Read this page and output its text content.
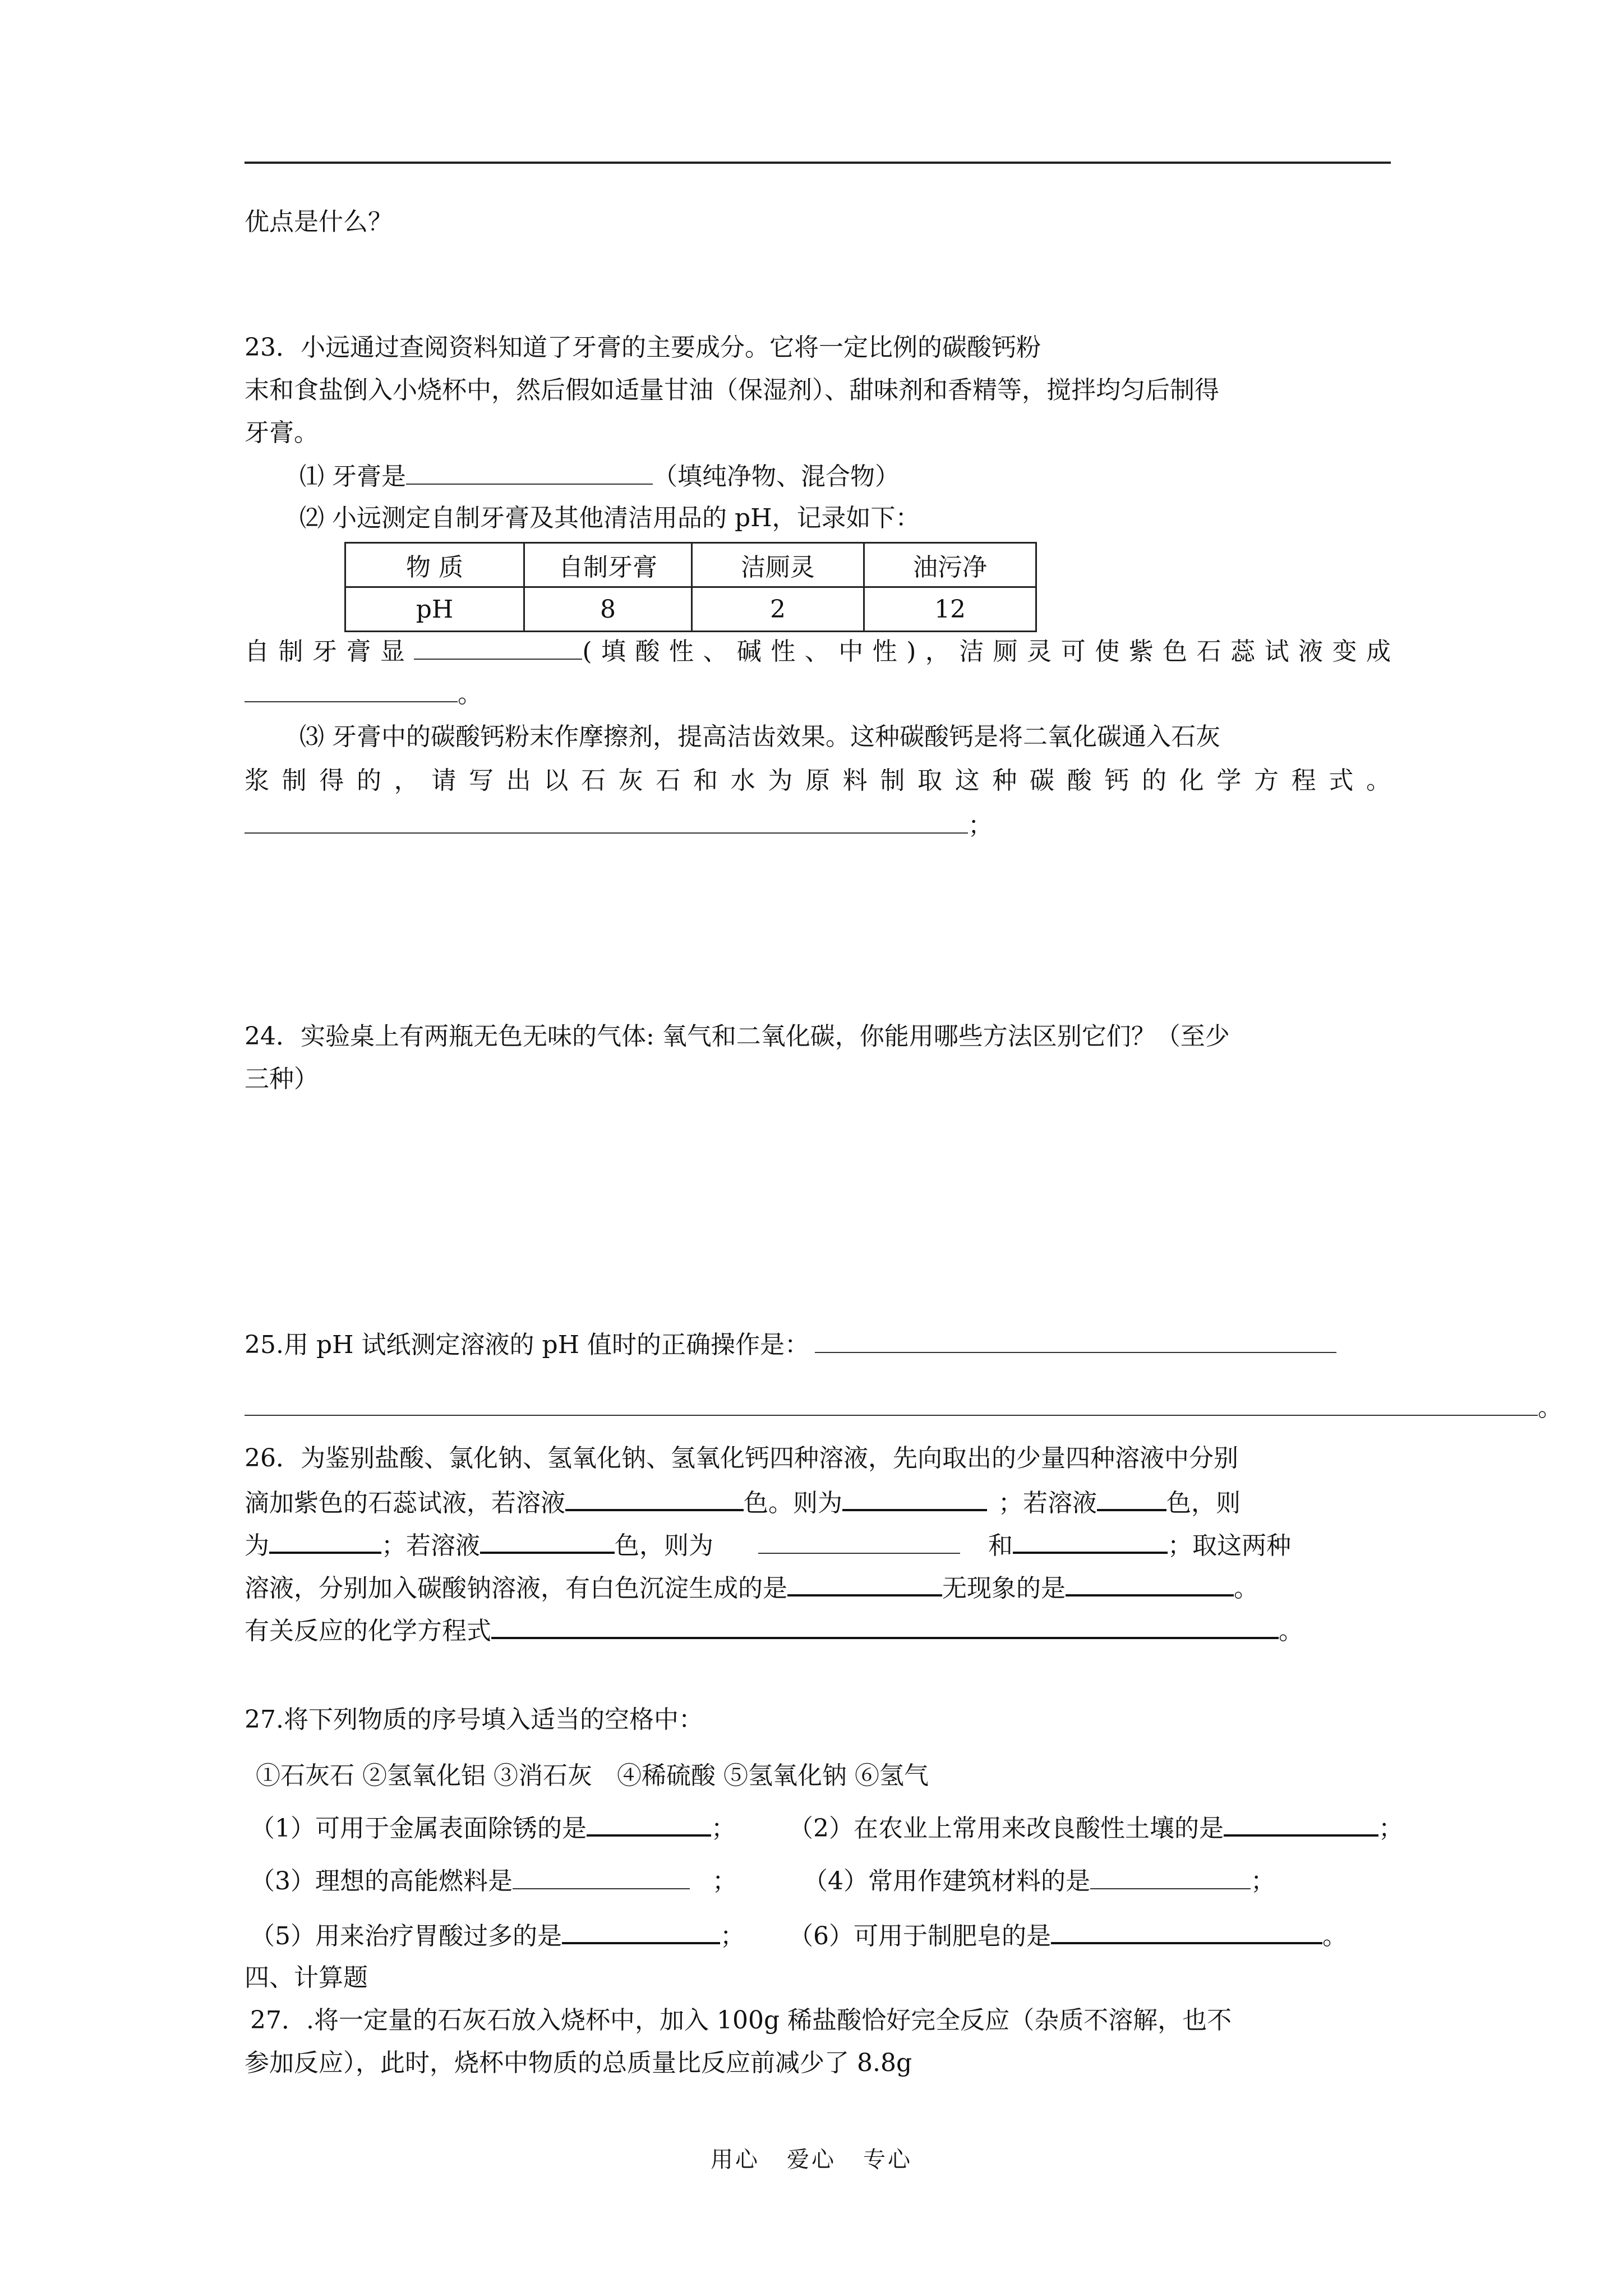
优点是什么？
23．小远通过查阅资料知道了牙膏的主要成分。它将一定比例的碳酸钙粉
末和食盐倒入小烧杯中，然后假如适量甘油（保湿剂）、甜味剂和香精等，搅拌均匀后制得
牙膏。
⑴ 牙膏是	（填纯净物、混合物）
⑵ 小远测定自制牙膏及其他清洁用品的 pH，记录如下：
物 质	自制牙膏	洁厕灵	油污净
pH	8	2	12
自制牙膏显	(填酸性、碱性、中性)，洁厕灵可使紫色石蕊试液变成
。
⑶ 牙膏中的碳酸钙粉末作摩擦剂，提高洁齿效果。这种碳酸钙是将二氧化碳通入石灰
浆制得的，请写出以石灰石和水为原料制取这种碳酸钙的化学方程式。
；
24．实验桌上有两瓶无色无味的气体: 氧气和二氧化碳，你能用哪些方法区别它们？（至少
三种）
25.用 pH 试纸测定溶液的 pH 值时的正确操作是：
。
26．为鉴别盐酸、氯化钠、氢氧化钠、氢氧化钙四种溶液，先向取出的少量四种溶液中分别
滴加紫色的石蕊试液，若溶液	色。则为	；若溶液	色，则
为	；若溶液	色，则为	和	；取这两种
溶液，分别加入碳酸钠溶液，有白色沉淀生成的是	无现象的是	。
有关反应的化学方程式	。
27.将下列物质的序号填入适当的空格中：
①石灰石 ②氢氧化铝 ③消石灰　④稀硫酸 ⑤氢氧化钠 ⑥氢气
（1）可用于金属表面除锈的是	； （2）在农业上常用来改良酸性土壤的是	；
（3）理想的高能燃料是	；	（4）常用作建筑材料的是	；
（5）用来治疗胃酸过多的是	； （6）可用于制肥皂的是	。
四、计算题
27．.将一定量的石灰石放入烧杯中，加入 100g 稀盐酸恰好完全反应（杂质不溶解，也不
参加反应），此时，烧杯中物质的总质量比反应前减少了 8.8g
用心 爱心 专心
